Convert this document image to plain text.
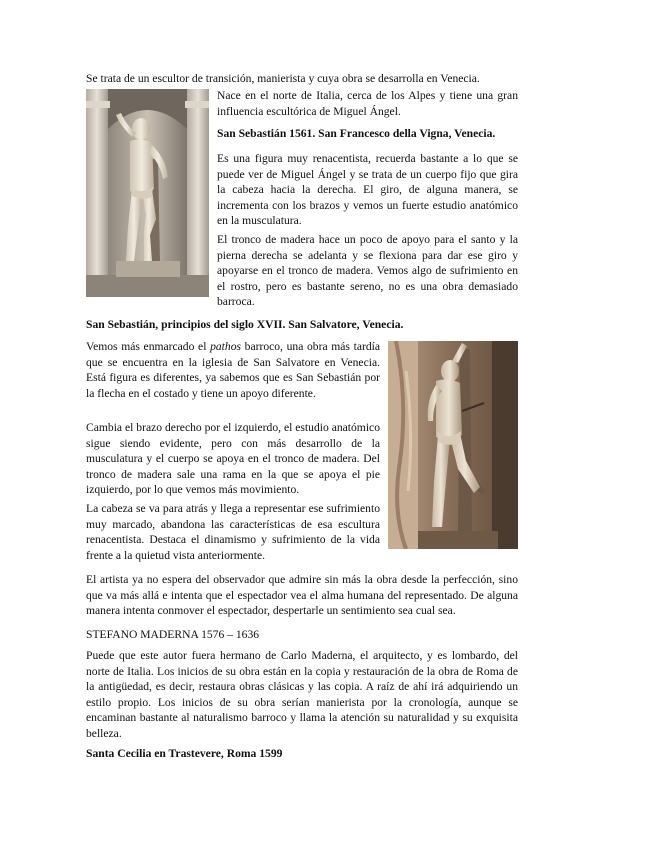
Se trata de un escultor de transición, manierista y cuya obra se desarrolla en Venecia.

Nace en el norte de Italia, cerca de los Alpes y tiene una gran influencia escultórica de Miguel Ángel.

San Sebastián 1561. San Francesco della Vigna, Venecia.

Es una figura muy renacentista, recuerda bastante a lo que se puede ver de Miguel Ángel y se trata de un cuerpo fijo que gira la cabeza hacia la derecha. El giro, de alguna manera, se incrementa con los brazos y vemos un fuerte estudio anatómico en la musculatura.

El tronco de madera hace un poco de apoyo para el santo y la pierna derecha se adelanta y se flexiona para dar ese giro y apoyarse en el tronco de madera. Vemos algo de sufrimiento en el rostro, pero es bastante sereno, no es una obra demasiado barroca.

San Sebastián, principios del siglo XVII. San Salvatore, Venecia.

Vemos más enmarcado el pathos barroco, una obra más tardía que se encuentra en la iglesia de San Salvatore en Venecia. Está figura es diferentes, ya sabemos que es San Sebastián por la flecha en el costado y tiene un apoyo diferente.

Cambia el brazo derecho por el izquierdo, el estudio anatómico sigue siendo evidente, pero con más desarrollo de la musculatura y el cuerpo se apoya en el tronco de madera. Del tronco de madera sale una rama en la que se apoya el pie izquierdo, por lo que vemos más movimiento.

La cabeza se va para atrás y llega a representar ese sufrimiento muy marcado, abandona las características de esa escultura renacentista. Destaca el dinamismo y sufrimiento de la vida frente a la quietud vista anteriormente.

El artista ya no espera del observador que admire sin más la obra desde la perfección, sino que va más allá e intenta que el espectador vea el alma humana del representado. De alguna manera intenta conmover el espectador, despertarle un sentimiento sea cual sea.

STEFANO MADERNA 1576 – 1636

Puede que este autor fuera hermano de Carlo Maderna, el arquitecto, y es lombardo, del norte de Italia. Los inicios de su obra están en la copia y restauración de la obra de Roma de la antigüedad, es decir, restaura obras clásicas y las copia. A raíz de ahí irá adquiriendo un estilo propio. Los inicios de su obra serían manierista por la cronología, aunque se encaminan bastante al naturalismo barroco y llama la atención su naturalidad y su exquisita belleza.

Santa Cecilia en Trastevere, Roma 1599
